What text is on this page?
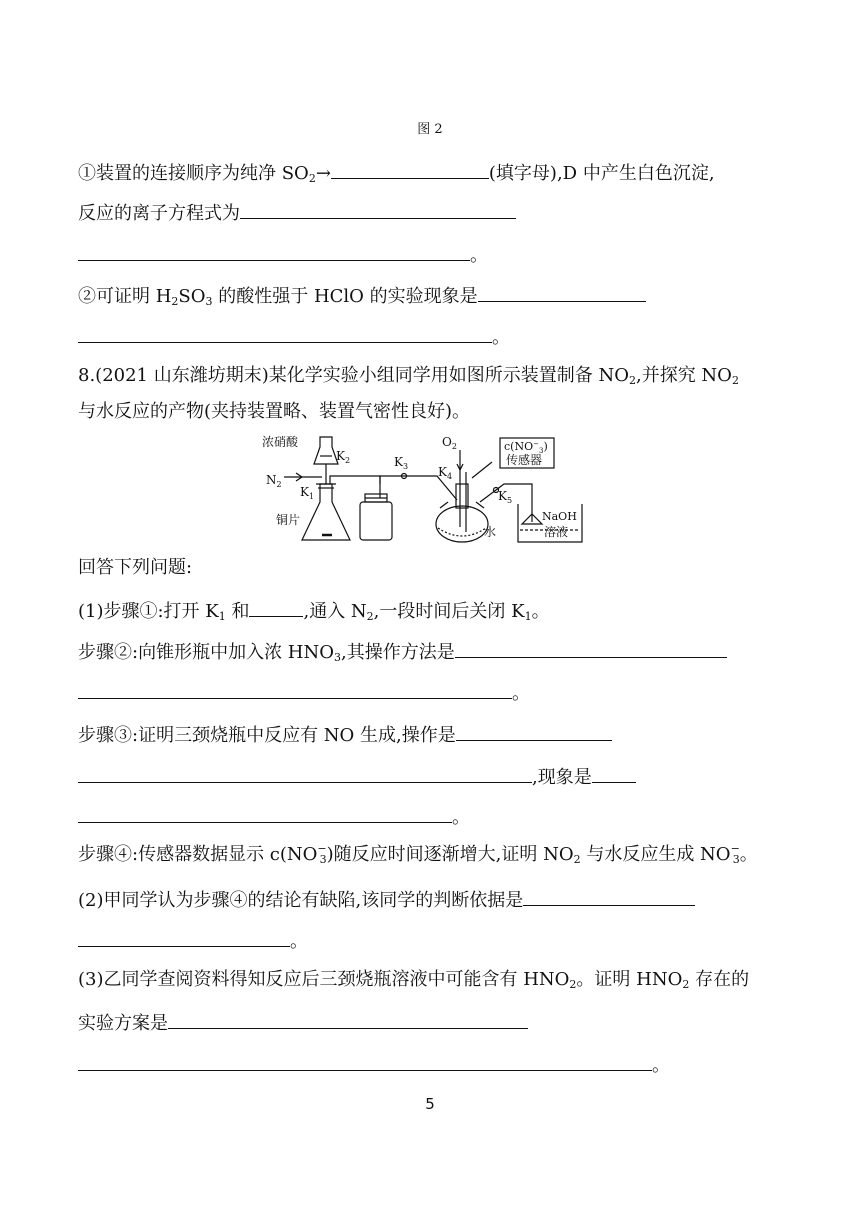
图 2
①装置的连接顺序为纯净 $SO_2\to$	(填字母),D 中产生白色沉淀,
反应的离子方程式为
。
②可证明 $H_2SO_3$ 的酸性强于 HClO 的实验现象是
。
8.(2021 山东潍坊期末)某化学实验小组同学用如图所示装置制备 $NO_2$,并探究 $NO_2$
与水反应的产物(夹持装置略、装置气密性良好)。
浓硝酸
$K_2$
$N_2$
$K_1$
铜片
$K_3$
$O_2$
$K_4$
$c(NO^-_3)$
传感器
$K_5$
水
NaOH
溶液
回答下列问题:
(1)步骤①:打开 $K_1$ 和	,通入 $N_2$,一段时间后关闭 $K_1$。
步骤②:向锥形瓶中加入浓 $HNO_3$,其操作方法是
。
步骤③:证明三颈烧瓶中反应有 NO 生成,操作是
,现象是
。
步骤④:传感器数据显示 $c(NO^-_3)$随反应时间逐渐增大,证明 $NO_2$ 与水反应生成 $NO^-_3$。
(2)甲同学认为步骤④的结论有缺陷,该同学的判断依据是
。
(3)乙同学查阅资料得知反应后三颈烧瓶溶液中可能含有 $HNO_2$。证明 $HNO_2$ 存在的
实验方案是
。
5
